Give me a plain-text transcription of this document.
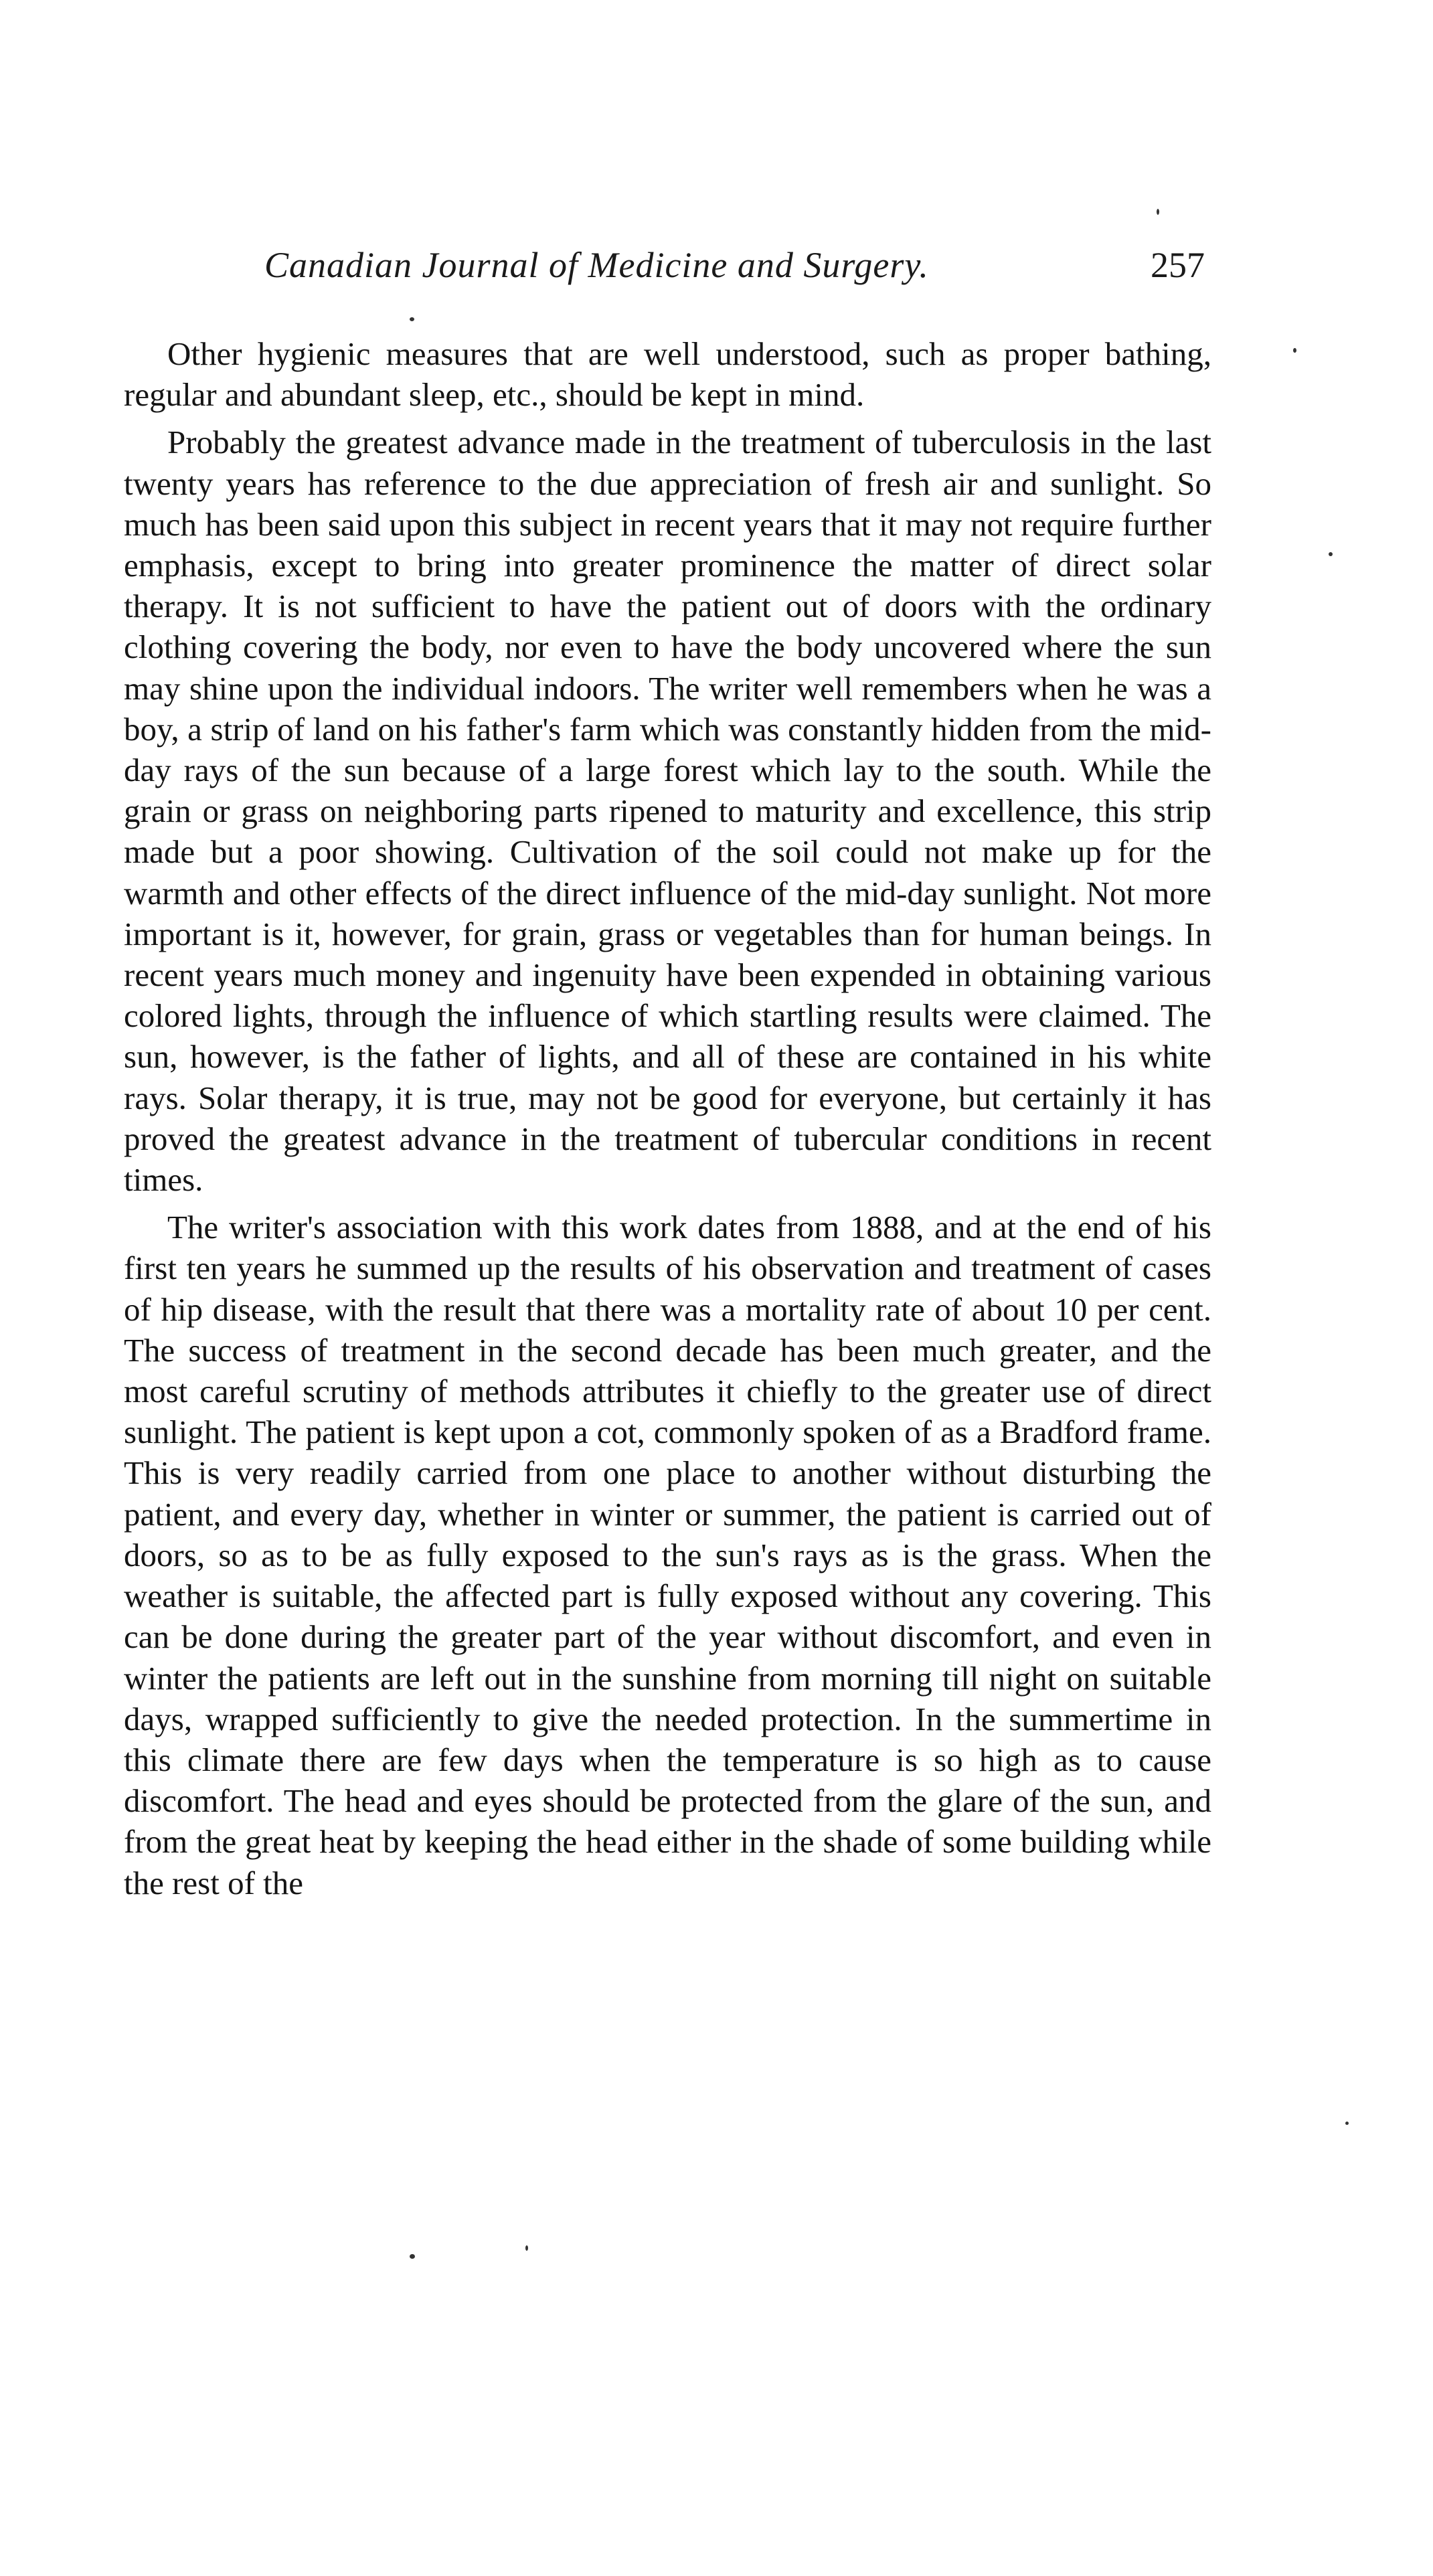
Canadian Journal of Medicine and Surgery.	257

Other hygienic measures that are well understood, such as proper bathing, regular and abundant sleep, etc., should be kept in mind.

Probably the greatest advance made in the treatment of tuberculosis in the last twenty years has reference to the due appreciation of fresh air and sunlight. So much has been said upon this subject in recent years that it may not require further emphasis, except to bring into greater prominence the matter of direct solar therapy. It is not sufficient to have the patient out of doors with the ordinary clothing covering the body, nor even to have the body uncovered where the sun may shine upon the individual indoors. The writer well remembers when he was a boy, a strip of land on his father's farm which was constantly hidden from the mid-day rays of the sun because of a large forest which lay to the south. While the grain or grass on neighboring parts ripened to maturity and excellence, this strip made but a poor showing. Cultivation of the soil could not make up for the warmth and other effects of the direct influence of the mid-day sunlight. Not more important is it, however, for grain, grass or vegetables than for human beings. In recent years much money and ingenuity have been expended in obtaining various colored lights, through the influence of which startling results were claimed. The sun, however, is the father of lights, and all of these are contained in his white rays. Solar therapy, it is true, may not be good for everyone, but certainly it has proved the greatest advance in the treatment of tubercular conditions in recent times.

The writer's association with this work dates from 1888, and at the end of his first ten years he summed up the results of his observation and treatment of cases of hip disease, with the result that there was a mortality rate of about 10 per cent. The success of treatment in the second decade has been much greater, and the most careful scrutiny of methods attributes it chiefly to the greater use of direct sunlight. The patient is kept upon a cot, commonly spoken of as a Bradford frame. This is very readily carried from one place to another without disturbing the patient, and every day, whether in winter or summer, the patient is carried out of doors, so as to be as fully exposed to the sun's rays as is the grass. When the weather is suitable, the affected part is fully exposed without any covering. This can be done during the greater part of the year without discomfort, and even in winter the patients are left out in the sunshine from morning till night on suitable days, wrapped sufficiently to give the needed protection. In the summertime in this climate there are few days when the temperature is so high as to cause discomfort. The head and eyes should be protected from the glare of the sun, and from the great heat by keeping the head either in the shade of some building while the rest of the
